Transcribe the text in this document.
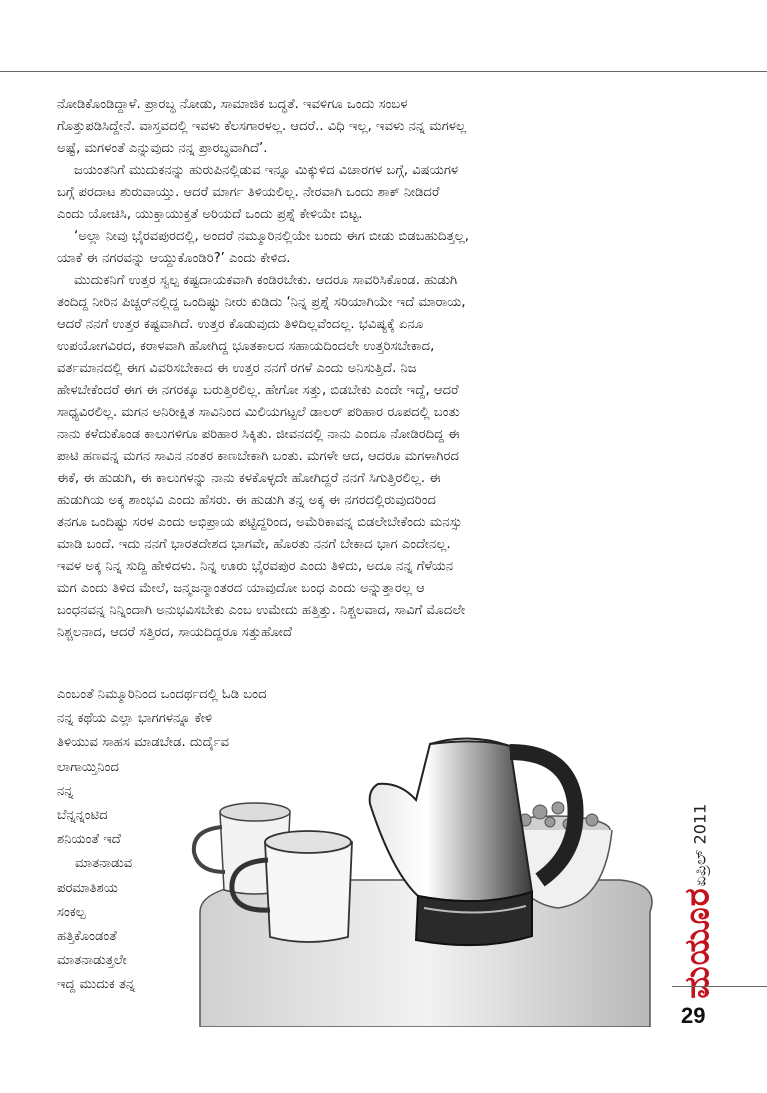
ನೋಡಿಕೊಂಡಿದ್ದಾಳೆ. ಪ್ರಾರಬ್ಧ ನೋಡು, ಸಾಮಾಜಿಕ ಬದ್ಧತೆ. ಇವಳಿಗೂ ಒಂದು ಸಂಬಳ

ಗೊತ್ತುಪಡಿಸಿದ್ದೇನೆ. ವಾಸ್ತವದಲ್ಲಿ ಇವಳು ಕೆಲಸಗಾರಳಲ್ಲ. ಆದರೆ.. ವಿಧಿ ಇಲ್ಲ, ಇವಳು ನನ್ನ ಮಗಳಲ್ಲ

ಅಷ್ಟೆ, ಮಗಳಂತೆ ಎನ್ನುವುದು ನನ್ನ ಪ್ರಾರಬ್ಧವಾಗಿದೆ’.

ಜಯಂತನಿಗೆ ಮುದುಕನನ್ನು ಹುರುಪಿನಲ್ಲಿಡುವ ಇನ್ನೂ ಮಿಕ್ಕುಳಿದ ವಿಚಾರಗಳ ಬಗ್ಗೆ, ವಿಷಯಗಳ

ಬಗ್ಗೆ ಪರದಾಟ ಶುರುವಾಯ್ತು. ಆದರೆ ಮಾರ್ಗ ತಿಳಿಯಲಿಲ್ಲ. ನೇರವಾಗಿ ಒಂದು ಶಾಕ್ ನೀಡಿದರೆ

ಎಂದು ಯೋಚಿಸಿ, ಯುಕ್ತಾಯುಕ್ತತೆ ಅರಿಯದೆ ಒಂದು ಪ್ರಶ್ನೆ ಕೇಳಿಯೇ ಬಿಟ್ಟ.

‘ಅಲ್ಲಾ ನೀವು ಭೈರವಪುರದಲ್ಲಿ, ಅಂದರೆ ನಮ್ಮೂರಿನಲ್ಲಿಯೇ ಬಂದು ಈಗ ಬೀಡು ಬಿಡಬಹುದಿತ್ತಲ್ಲ,

ಯಾಕೆ ಈ ನಗರವನ್ನು ಆಯ್ದುಕೊಂಡಿರಿ?’ ಎಂದು ಕೇಳಿದ.

ಮುದುಕನಿಗೆ ಉತ್ತರ ಸ್ವಲ್ಪ ಕಷ್ಟದಾಯಕವಾಗಿ ಕಂಡಿರಬೇಕು. ಆದರೂ ಸಾವರಿಸಿಕೊಂಡ. ಹುಡುಗಿ

ತಂದಿದ್ದ ನೀರಿನ ಪಿಚ್ಚರ್‌ನಲ್ಲಿದ್ದ ಒಂದಿಷ್ಟು ನೀರು ಕುಡಿದು ‘ನಿನ್ನ ಪ್ರಶ್ನೆ ಸರಿಯಾಗಿಯೇ ಇದೆ ಮಾರಾಯ,

ಆದರೆ ನನಗೆ ಉತ್ತರ ಕಷ್ಟವಾಗಿದೆ. ಉತ್ತರ ಕೊಡುವುದು ತಿಳಿದಿಲ್ಲವೆಂದಲ್ಲ. ಭವಿಷ್ಯಕ್ಕೆ ಏನೂ

ಉಪಯೋಗವಿರದ, ಕರಾಳವಾಗಿ ಹೋಗಿದ್ದ ಭೂತಕಾಲದ ಸಹಾಯದಿಂದಲೇ ಉತ್ತರಿಸಬೇಕಾದ,

ವರ್ತಮಾನದಲ್ಲಿ ಈಗ ವಿವರಿಸಬೇಕಾದ ಈ ಉತ್ತರ ನನಗೆ ರಗಳೆ ಎಂದು ಅನಿಸುತ್ತಿದೆ. ನಿಜ

ಹೇಳಬೇಕೆಂದರೆ ಈಗ ಈ ನಗರಕ್ಕೂ ಬರುತ್ತಿರಲಿಲ್ಲ. ಹೇಗೋ ಸತ್ತು, ಬಿಡಬೇಕು ಎಂದೇ ಇದ್ದೆ, ಆದರೆ

ಸಾಧ್ಯವಿರಲಿಲ್ಲ. ಮಗನ ಅನಿರೀಕ್ಷಿತ ಸಾವಿನಿಂದ ಮಿಲಿಯಗಟ್ಟಲೆ ಡಾಲರ್ ಪರಿಹಾರ ರೂಪದಲ್ಲಿ ಬಂತು

ನಾನು ಕಳೆದುಕೊಂಡ ಕಾಲುಗಳಿಗೂ ಪರಿಹಾರ ಸಿಕ್ಕಿತು. ಜೀವನದಲ್ಲಿ ನಾನು ಎಂದೂ ನೋಡಿರದಿದ್ದ ಈ

ಪಾಟಿ ಹಣವನ್ನ ಮಗನ ಸಾವಿನ ನಂತರ ಕಾಣಬೇಕಾಗಿ ಬಂತು. ಮಗಳೇ ಆದ, ಆದರೂ ಮಗಳಾಗಿರದ

ಈಕೆ, ಈ ಹುಡುಗಿ, ಈ ಕಾಲುಗಳನ್ನು ನಾನು ಕಳಕೊಳ್ಳದೇ ಹೋಗಿದ್ದರೆ ನನಗೆ ಸಿಗುತ್ತಿರಲಿಲ್ಲ. ಈ

ಹುಡುಗಿಯ ಅಕ್ಕ ಶಾಂಭವಿ ಎಂದು ಹೆಸರು. ಈ ಹುಡುಗಿ ತನ್ನ ಅಕ್ಕ ಈ ನಗರದಲ್ಲಿರುವುದರಿಂದ

ತನಗೂ ಒಂದಿಷ್ಟು ಸರಳ ಎಂದು ಅಭಿಪ್ರಾಯ ಪಟ್ಟಿದ್ದರಿಂದ, ಅಮೆರಿಕಾವನ್ನ ಬಿಡಲೇಬೇಕೆಂದು ಮನಸ್ಸು

ಮಾಡಿ ಬಂದೆ. ಇದು ನನಗೆ ಭಾರತದೇಶದ ಭಾಗವೇ, ಹೊರತು ನನಗೆ ಬೇಕಾದ ಭಾಗ ಎಂದೇನಲ್ಲ.

ಇವಳ ಅಕ್ಕ ನಿನ್ನ ಸುದ್ದಿ ಹೇಳಿದಳು. ನಿನ್ನ ಊರು ಭೈರವಪುರ ಎಂದು ತಿಳಿದು, ಅದೂ ನನ್ನ ಗೆಳೆಯನ

ಮಗ ಎಂದು ತಿಳಿದ ಮೇಲೆ, ಜನ್ಮಜನ್ಮಾಂತರದ ಯಾವುದೋ ಬಂಧ ಎಂದು ಅನ್ನುತ್ತಾರಲ್ಲ ಆ

ಬಂಧನವನ್ನ ನಿನ್ನಿಂದಾಗಿ ಅನುಭವಿಸಬೇಕು ಎಂಬ ಉಮೇದು ಹತ್ತಿತ್ತು. ನಿಶ್ಚಲವಾದ, ಸಾವಿಗೆ ಮೊದಲೇ

ನಿಶ್ಚಲನಾದ, ಆದರೆ ಸತ್ತಿರದ, ಸಾಯದಿದ್ದರೂ ಸತ್ತುಹೋದೆ

ಎಂಬಂತೆ ನಿಮ್ಮೂರಿನಿಂದ ಒಂದರ್ಥದಲ್ಲಿ ಓಡಿ ಬಂದ
ನನ್ನ ಕಥೆಯ ಎಲ್ಲಾ ಭಾಗಗಳನ್ನೂ ಕೇಳಿ
ತಿಳಿಯುವ ಸಾಹಸ ಮಾಡಬೇಡ. ದುರ್ದೈವ
ಲಾಗಾಯ್ತಿನಿಂದ
ನನ್ನ
ಬೆನ್ನನ್ನಂಟಿದ
ಶನಿಯಂತೆ ಇದೆ
ಮಾತನಾಡುವ
ಪರಮಾತಿಶಯ
ಸಂಕಲ್ಪ
ಹತ್ತಿಕೊಂಡಂತೆ
ಮಾತನಾಡುತ್ತಲೇ
ಇದ್ದ ಮುದುಕ ತನ್ನ
ಏಪ್ರಿಲ್ 2011
ಮಯೂರ
29
